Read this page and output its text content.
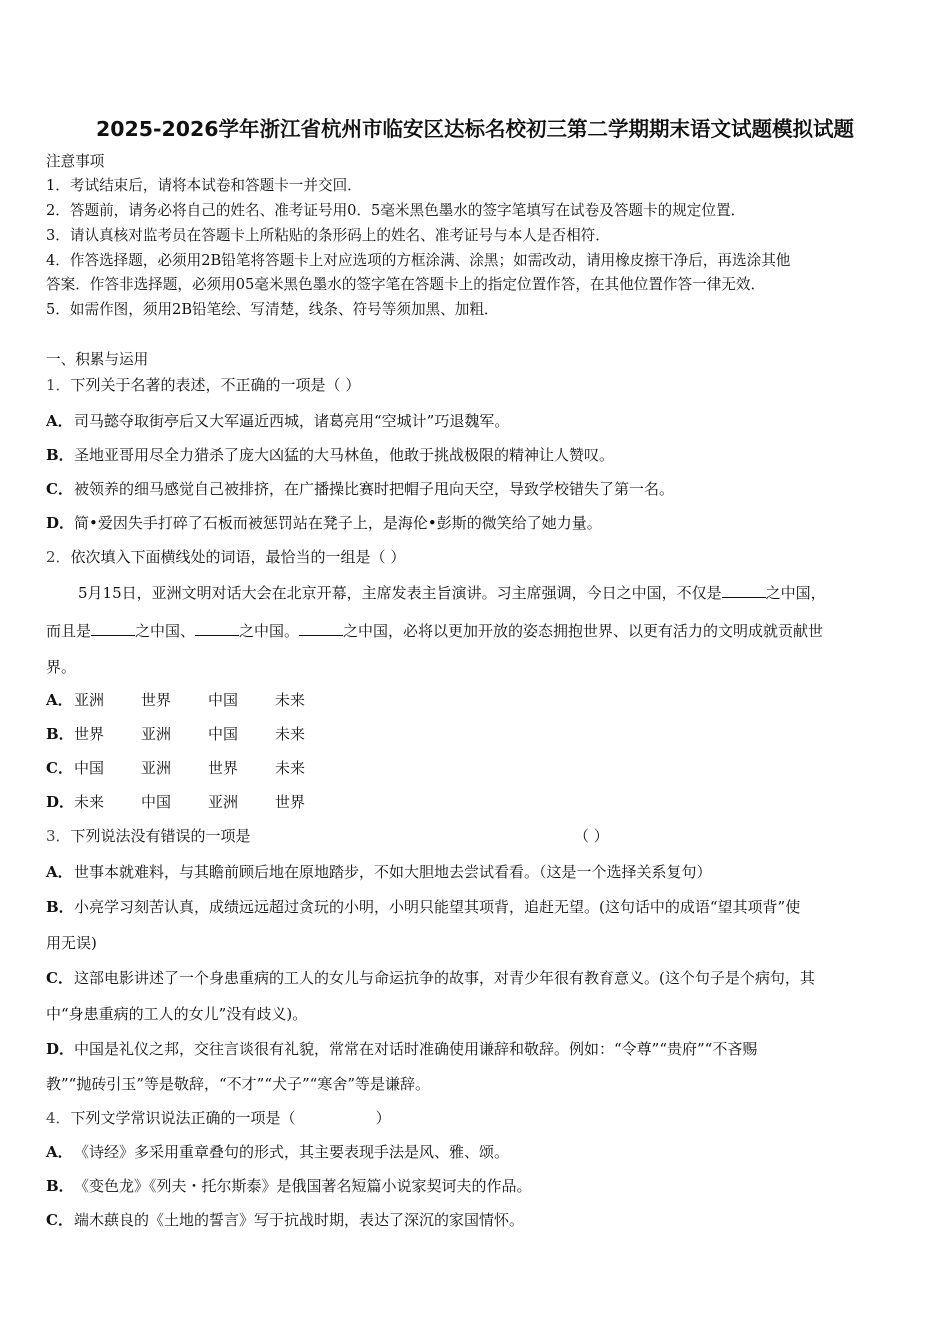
2025-2026学年浙江省杭州市临安区达标名校初三第二学期期末语文试题模拟试题
注意事项
1．考试结束后，请将本试卷和答题卡一并交回．
2．答题前，请务必将自己的姓名、准考证号用0．5毫米黑色墨水的签字笔填写在试卷及答题卡的规定位置．
3．请认真核对监考员在答题卡上所粘贴的条形码上的姓名、准考证号与本人是否相符．
4．作答选择题，必须用2B铅笔将答题卡上对应选项的方框涂满、涂黑；如需改动，请用橡皮擦干净后，再选涂其他
答案．作答非选择题，必须用05毫米黑色墨水的签字笔在答题卡上的指定位置作答，在其他位置作答一律无效．
5．如需作图，须用2B铅笔绘、写清楚，线条、符号等须加黑、加粗．
一、积累与运用
1．下列关于名著的表述，不正确的一项是（ ）
A． 司马懿夺取街亭后又大军逼近西城，诸葛亮用“空城计”巧退魏军。
B． 圣地亚哥用尽全力猎杀了庞大凶猛的大马林鱼，他敢于挑战极限的精神让人赞叹。
C． 被领养的细马感觉自己被排挤，在广播操比赛时把帽子甩向天空，导致学校错失了第一名。
D． 简•爱因失手打碎了石板而被惩罚站在凳子上，是海伦•彭斯的微笑给了她力量。
2．依次填入下面横线处的词语，最恰当的一组是（ ）
5月15日，亚洲文明对话大会在北京开幕，主席发表主旨演讲。习主席强调，今日之中国，不仅是	之中国，
而且是	之中国、	之中国。	之中国，必将以更加开放的姿态拥抱世界、以更有活力的文明成就贡献世
界。
A． 亚洲	世界	中国	未来
B． 世界	亚洲	中国	未来
C． 中国	亚洲	世界	未来
D． 未来	中国	亚洲	世界
3．下列说法没有错误的一项是	（ ）
A． 世事本就难料，与其瞻前顾后地在原地踏步，不如大胆地去尝试看看。（这是一个选择关系复句）
B． 小亮学习刻苦认真，成绩远远超过贪玩的小明，小明只能望其项背，追赶无望。(这句话中的成语“望其项背”使
用无误)
C． 这部电影讲述了一个身患重病的工人的女儿与命运抗争的故事，对青少年很有教育意义。(这个句子是个病句，其
中“身患重病的工人的女儿”没有歧义)。
D． 中国是礼仪之邦，交往言谈很有礼貌，常常在对话时准确使用谦辞和敬辞。例如：“令尊”“贵府”“不吝赐
教”“抛砖引玉”等是敬辞，“不才”“犬子”“寒舍”等是谦辞。
4．下列文学常识说法正确的一项是（	）
A． 《诗经》多采用重章叠句的形式，其主要表现手法是风、雅、颂。
B． 《变色龙》《列夫・托尔斯泰》是俄国著名短篇小说家契诃夫的作品。
C． 端木蕻良的《土地的誓言》写于抗战时期，表达了深沉的家国情怀。
